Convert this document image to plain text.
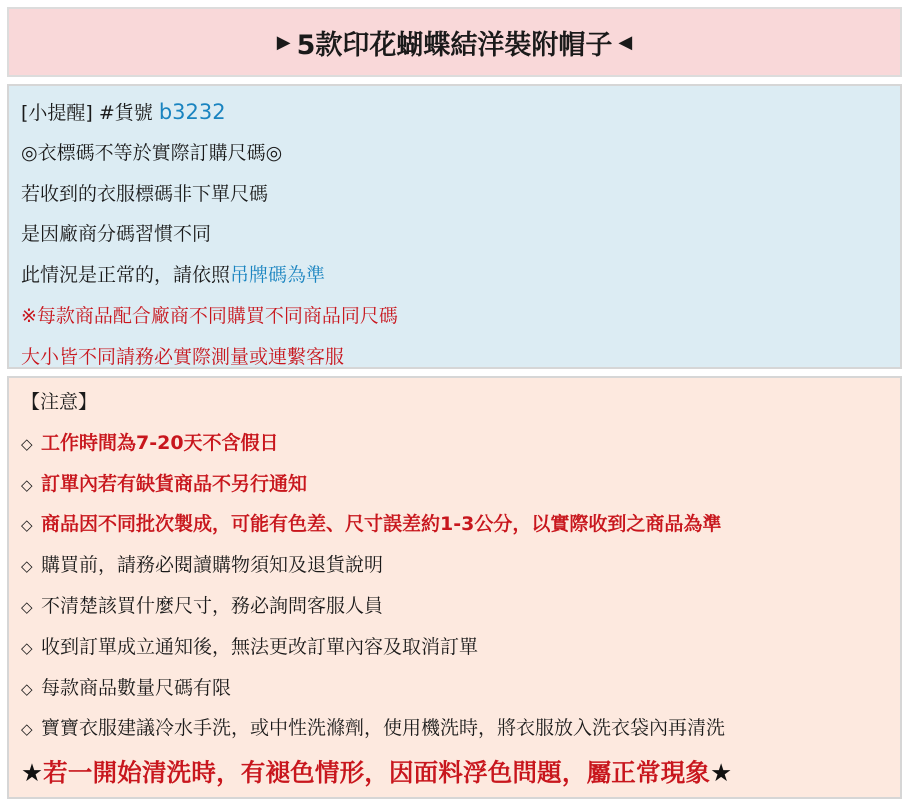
▶ 5款印花蝴蝶結洋裝附帽子 ◀
[小提醒] #貨號 b3232
◎衣標碼不等於實際訂購尺碼◎
若收到的衣服標碼非下單尺碼
是因廠商分碼習慣不同
此情況是正常的，請依照吊牌碼為準
※每款商品配合廠商不同購買不同商品同尺碼
大小皆不同請務必實際測量或連繫客服
【注意】
◇ 工作時間為7-20天不含假日
◇ 訂單內若有缺貨商品不另行通知
◇ 商品因不同批次製成，可能有色差、尺寸誤差約1-3公分，以實際收到之商品為準
◇ 購買前，請務必閱讀購物須知及退貨說明
◇ 不清楚該買什麼尺寸，務必詢問客服人員
◇ 收到訂單成立通知後，無法更改訂單內容及取消訂單
◇ 每款商品數量尺碼有限
◇ 寶寶衣服建議冷水手洗，或中性洗滌劑，使用機洗時，將衣服放入洗衣袋內再清洗
★若一開始清洗時，有褪色情形，因面料浮色問題，屬正常現象★
